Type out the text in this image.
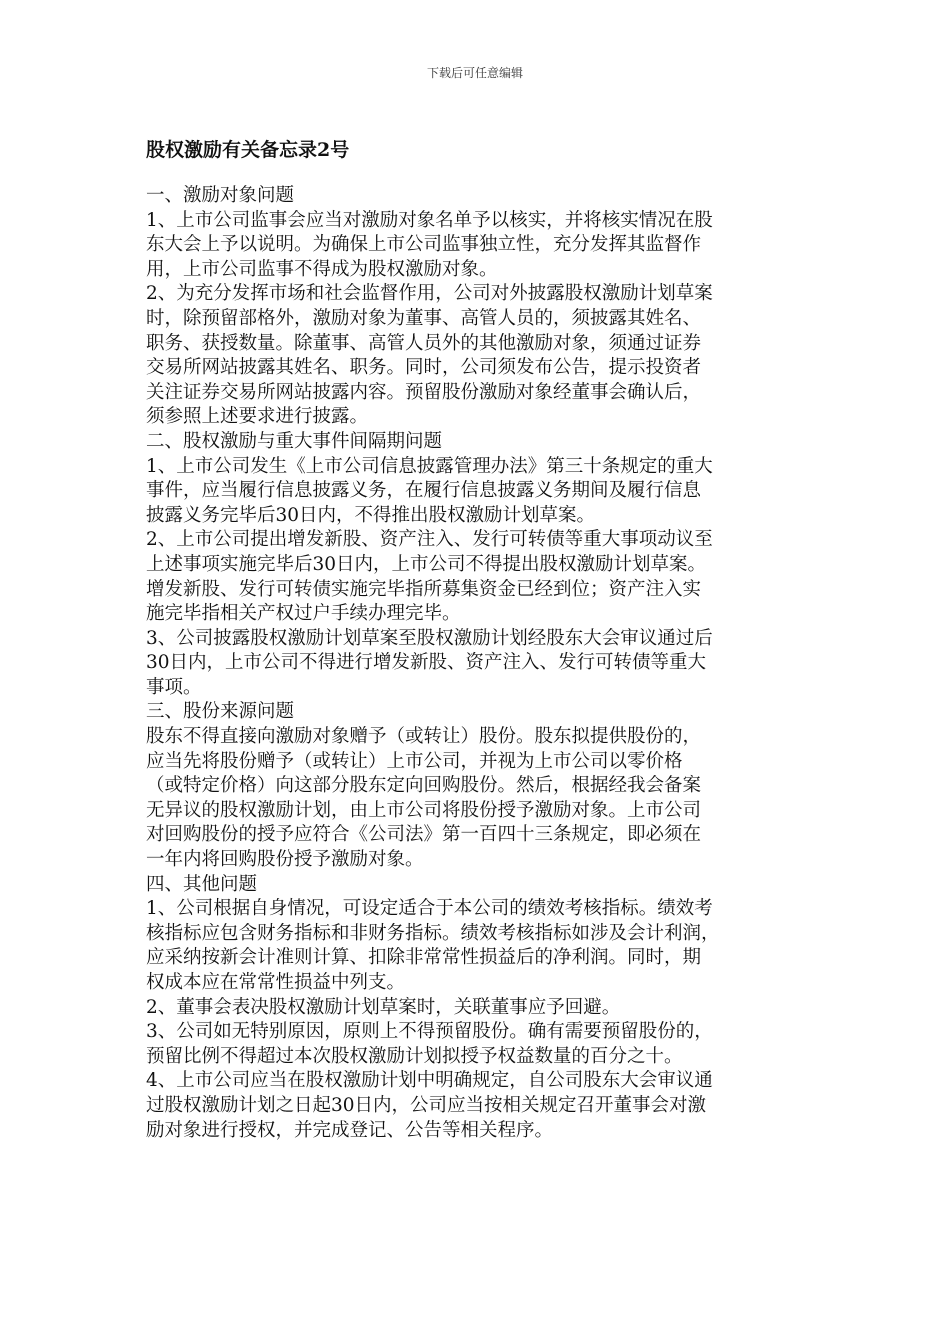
下载后可任意编辑
股权激励有关备忘录2号

一、激励对象问题

1、上市公司监事会应当对激励对象名单予以核实，并将核实情况在股

东大会上予以说明。为确保上市公司监事独立性，充分发挥其监督作

用，上市公司监事不得成为股权激励对象。

2、为充分发挥市场和社会监督作用，公司对外披露股权激励计划草案

时，除预留部格外，激励对象为董事、高管人员的，须披露其姓名、

职务、获授数量。除董事、高管人员外的其他激励对象，须通过证券

交易所网站披露其姓名、职务。同时，公司须发布公告，提示投资者

关注证券交易所网站披露内容。预留股份激励对象经董事会确认后，

须参照上述要求进行披露。

二、股权激励与重大事件间隔期问题

1、上市公司发生《上市公司信息披露管理办法》第三十条规定的重大

事件，应当履行信息披露义务，在履行信息披露义务期间及履行信息

披露义务完毕后30日内，不得推出股权激励计划草案。

2、上市公司提出增发新股、资产注入、发行可转债等重大事项动议至

上述事项实施完毕后30日内，上市公司不得提出股权激励计划草案。

增发新股、发行可转债实施完毕指所募集资金已经到位；资产注入实

施完毕指相关产权过户手续办理完毕。

3、公司披露股权激励计划草案至股权激励计划经股东大会审议通过后

30日内，上市公司不得进行增发新股、资产注入、发行可转债等重大

事项。

三、股份来源问题

股东不得直接向激励对象赠予（或转让）股份。股东拟提供股份的，

应当先将股份赠予（或转让）上市公司，并视为上市公司以零价格

（或特定价格）向这部分股东定向回购股份。然后，根据经我会备案

无异议的股权激励计划，由上市公司将股份授予激励对象。上市公司

对回购股份的授予应符合《公司法》第一百四十三条规定，即必须在

一年内将回购股份授予激励对象。

四、其他问题

1、公司根据自身情况，可设定适合于本公司的绩效考核指标。绩效考

核指标应包含财务指标和非财务指标。绩效考核指标如涉及会计利润，

应采纳按新会计准则计算、扣除非常常性损益后的净利润。同时，期

权成本应在常常性损益中列支。

2、董事会表决股权激励计划草案时，关联董事应予回避。

3、公司如无特别原因，原则上不得预留股份。确有需要预留股份的，

预留比例不得超过本次股权激励计划拟授予权益数量的百分之十。

4、上市公司应当在股权激励计划中明确规定，自公司股东大会审议通

过股权激励计划之日起30日内，公司应当按相关规定召开董事会对激

励对象进行授权，并完成登记、公告等相关程序。
